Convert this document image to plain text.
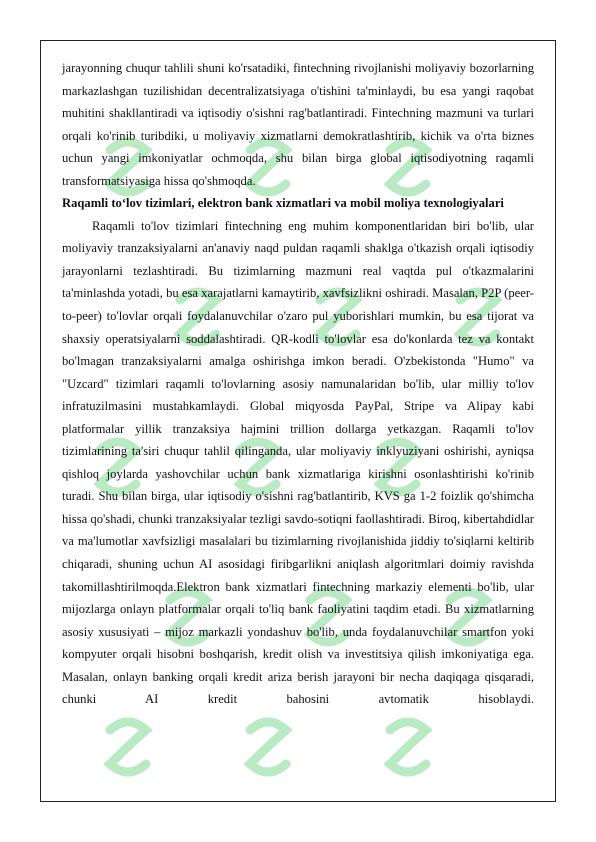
jarayonning chuqur tahlili shuni ko'rsatadiki, fintechning rivojlanishi moliyaviy bozorlarning markazlashgan tuzilishidan decentralizatsiyaga o'tishini ta'minlaydi, bu esa yangi raqobat muhitini shakllantiradi va iqtisodiy o'sishni rag'batlantiradi. Fintechning mazmuni va turlari orqali ko'rinib turibdiki, u moliyaviy xizmatlarni demokratlashtirib, kichik va o'rta biznes uchun yangi imkoniyatlar ochmoqda, shu bilan birga global iqtisodiyotning raqamli transformatsiyasiga hissa qo'shmoqda.

Raqamli to‘lov tizimlari, elektron bank xizmatlari va mobil moliya texnologiyalari

Raqamli to'lov tizimlari fintechning eng muhim komponentlaridan biri bo'lib, ular moliyaviy tranzaksiyalarni an'anaviy naqd puldan raqamli shaklga o'tkazish orqali iqtisodiy jarayonlarni tezlashtiradi. Bu tizimlarning mazmuni real vaqtda pul o'tkazmalarini ta'minlashda yotadi, bu esa xarajatlarni kamaytirib, xavfsizlikni oshiradi. Masalan, P2P (peer-to-peer) to'lovlar orqali foydalanuvchilar o'zaro pul yuborishlari mumkin, bu esa tijorat va shaxsiy operatsiyalarni soddalashtiradi. QR-kodli to'lovlar esa do'konlarda tez va kontakt bo'lmagan tranzaksiyalarni amalga oshirishga imkon beradi. O'zbekistonda "Humo" va "Uzcard" tizimlari raqamli to'lovlarning asosiy namunalaridan bo'lib, ular milliy to'lov infratuzilmasini mustahkamlaydi. Global miqyosda PayPal, Stripe va Alipay kabi platformalar yillik tranzaksiya hajmini trillion dollarga yetkazgan. Raqamli to'lov tizimlarining ta'siri chuqur tahlil qilinganda, ular moliyaviy inklyuziyani oshirishi, ayniqsa qishloq joylarda yashovchilar uchun bank xizmatlariga kirishni osonlashtirishi ko'rinib turadi. Shu bilan birga, ular iqtisodiy o'sishni rag'batlantirib, KVS ga 1-2 foizlik qo'shimcha hissa qo'shadi, chunki tranzaksiyalar tezligi savdo-sotiqni faollashtiradi. Biroq, kibertahdidlar va ma'lumotlar xavfsizligi masalalari bu tizimlarning rivojlanishida jiddiy to'siqlarni keltirib chiqaradi, shuning uchun AI asosidagi firibgarlikni aniqlash algoritmlari doimiy ravishda takomillashtirilmoqda.Elektron bank xizmatlari fintechning markaziy elementi bo'lib, ular mijozlarga onlayn platformalar orqali to'liq bank faoliyatini taqdim etadi. Bu xizmatlarning asosiy xususiyati – mijoz markazli yondashuv bo'lib, unda foydalanuvchilar smartfon yoki kompyuter orqali hisobni boshqarish, kredit olish va investitsiya qilish imkoniyatiga ega. Masalan, onlayn banking orqali kredit ariza berish jarayoni bir necha daqiqaga qisqaradi, chunki AI kredit bahosini avtomatik hisoblaydi.
